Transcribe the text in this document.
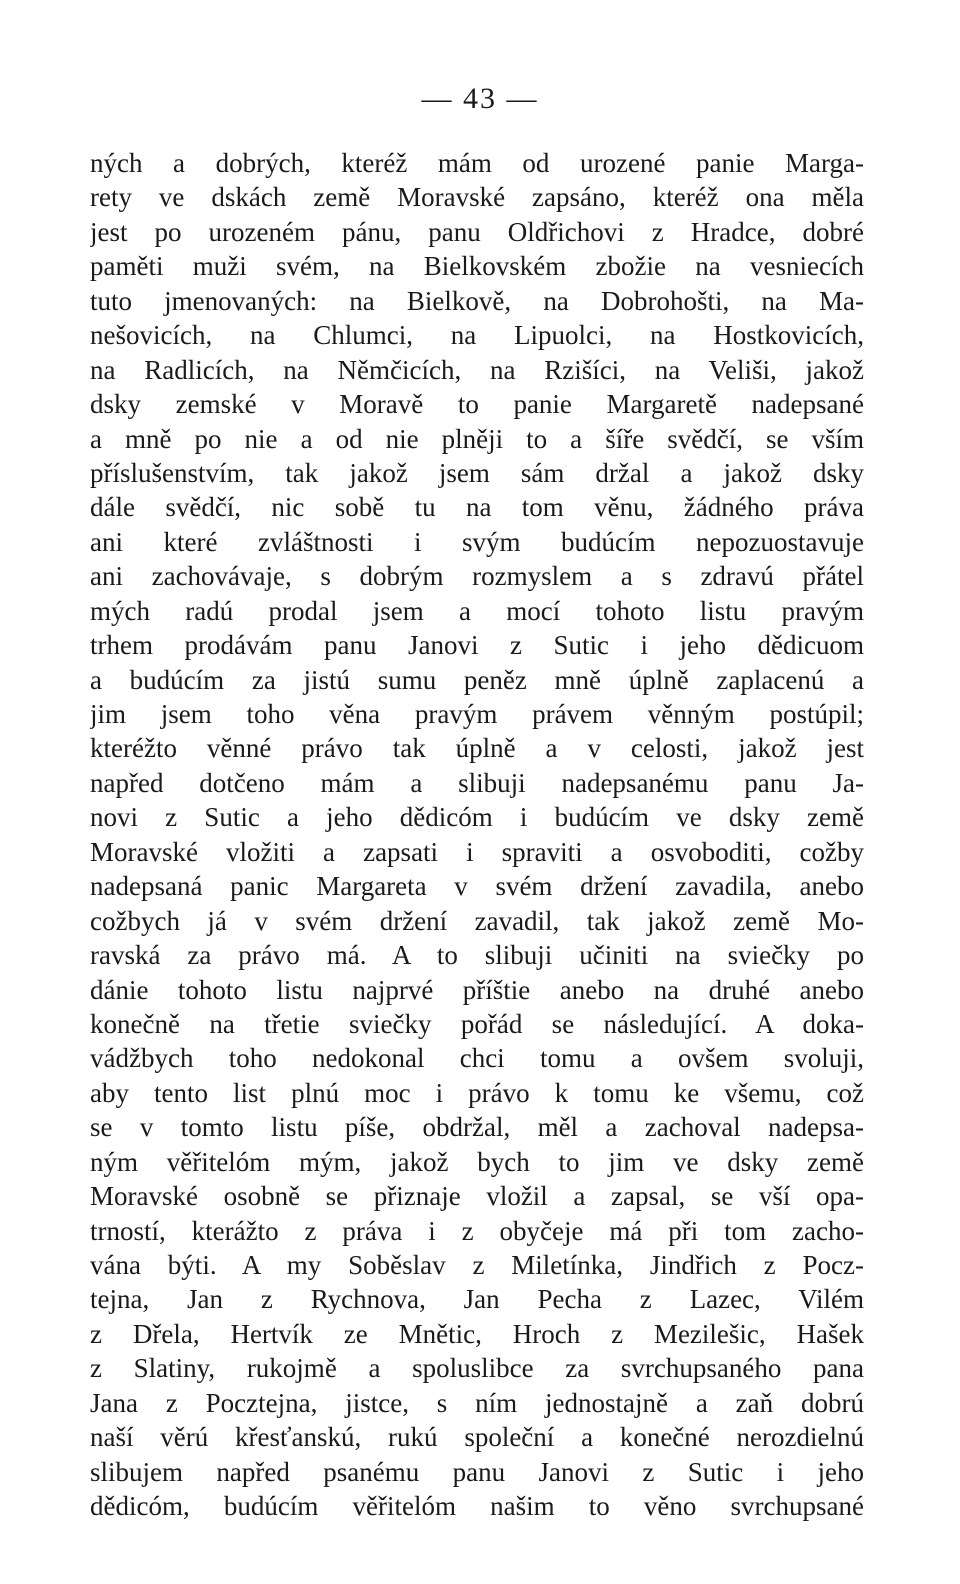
— 43 —
ných a dobrých, kteréž mám od urozené panie Marga-
rety ve dskách země Moravské zapsáno, kteréž ona měla
jest po urozeném pánu, panu Oldřichovi z Hradce, dobré
paměti muži svém, na Bielkovském zbožie na vesniecích
tuto jmenovaných: na Bielkově, na Dobrohošti, na Ma-
nešovicích, na Chlumci, na Lipuolci, na Hostkovicích,
na Radlicích, na Němčicích, na Rzišíci, na Veliši, jakož
dsky zemské v Moravě to panie Margaretě nadepsané
a mně po nie a od nie plněji to a šíře svědčí, se vším
příslušenstvím, tak jakož jsem sám držal a jakož dsky
dále svědčí, nic sobě tu na tom věnu, žádného práva
ani které zvláštnosti i svým budúcím nepozuostavuje
ani zachovávaje, s dobrým rozmyslem a s zdravú přátel
mých radú prodal jsem a mocí tohoto listu pravým
trhem prodávám panu Janovi z Sutic i jeho dědicuom
a budúcím za jistú sumu peněz mně úplně zaplacenú a
jim jsem toho věna pravým právem věnným postúpil;
kteréžto věnné právo tak úplně a v celosti, jakož jest
napřed dotčeno mám a slibuji nadepsanému panu Ja-
novi z Sutic a jeho dědicóm i budúcím ve dsky země
Moravské vložiti a zapsati i spraviti a osvoboditi, cožby
nadepsaná panic Margareta v svém držení zavadila, anebo
cožbych já v svém držení zavadil, tak jakož země Mo-
ravská za právo má. A to slibuji učiniti na sviečky po
dánie tohoto listu najprvé příštie anebo na druhé anebo
konečně na třetie sviečky pořád se následující. A doka-
vádžbych toho nedokonal chci tomu a ovšem svoluji,
aby tento list plnú moc i právo k tomu ke všemu, což
se v tomto listu píše, obdržal, měl a zachoval nadepsa-
ným věřitelóm mým, jakož bych to jim ve dsky země
Moravské osobně se přiznaje vložil a zapsal, se vší opa-
trností, kterážto z práva i z obyčeje má při tom zacho-
vána býti. A my Soběslav z Miletínka, Jindřich z Pocz-
tejna, Jan z Rychnova, Jan Pecha z Lazec, Vilém
z Dřela, Hertvík ze Mnětic, Hroch z Mezilešic, Hašek
z Slatiny, rukojmě a spoluslibce za svrchupsaného pana
Jana z Pocztejna, jistce, s ním jednostajně a zaň dobrú
naší věrú křesťanskú, rukú společní a konečné nerozdielnú
slibujem napřed psanému panu Janovi z Sutic i jeho
dědicóm, budúcím věřitelóm našim to věno svrchupsané
